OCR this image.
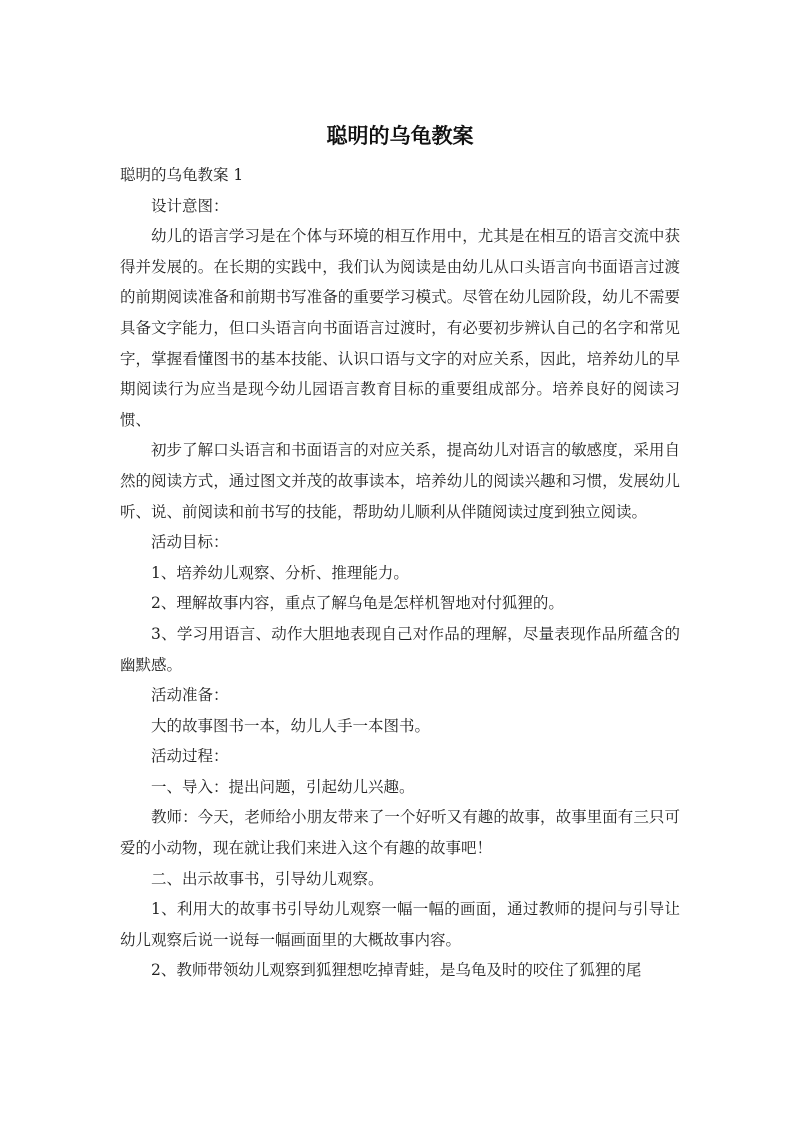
聪明的乌龟教案

聪明的乌龟教案 1

设计意图：

幼儿的语言学习是在个体与环境的相互作用中，尤其是在相互的语言交流中获得并发展的。在长期的实践中，我们认为阅读是由幼儿从口头语言向书面语言过渡的前期阅读准备和前期书写准备的重要学习模式。尽管在幼儿园阶段，幼儿不需要具备文字能力，但口头语言向书面语言过渡时，有必要初步辨认自己的名字和常见字，掌握看懂图书的基本技能、认识口语与文字的对应关系，因此，培养幼儿的早期阅读行为应当是现今幼儿园语言教育目标的重要组成部分。培养良好的阅读习惯、

初步了解口头语言和书面语言的对应关系，提高幼儿对语言的敏感度，采用自然的阅读方式，通过图文并茂的故事读本，培养幼儿的阅读兴趣和习惯，发展幼儿听、说、前阅读和前书写的技能，帮助幼儿顺利从伴随阅读过度到独立阅读。

活动目标：

1、培养幼儿观察、分析、推理能力。

2、理解故事内容，重点了解乌龟是怎样机智地对付狐狸的。

3、学习用语言、动作大胆地表现自己对作品的理解，尽量表现作品所蕴含的幽默感。

活动准备：

大的故事图书一本，幼儿人手一本图书。

活动过程：

一、导入：提出问题，引起幼儿兴趣。

教师：今天，老师给小朋友带来了一个好听又有趣的故事，故事里面有三只可爱的小动物，现在就让我们来进入这个有趣的故事吧！

二、出示故事书，引导幼儿观察。

1、利用大的故事书引导幼儿观察一幅一幅的画面，通过教师的提问与引导让幼儿观察后说一说每一幅画面里的大概故事内容。

2、教师带领幼儿观察到狐狸想吃掉青蛙，是乌龟及时的咬住了狐狸的尾
